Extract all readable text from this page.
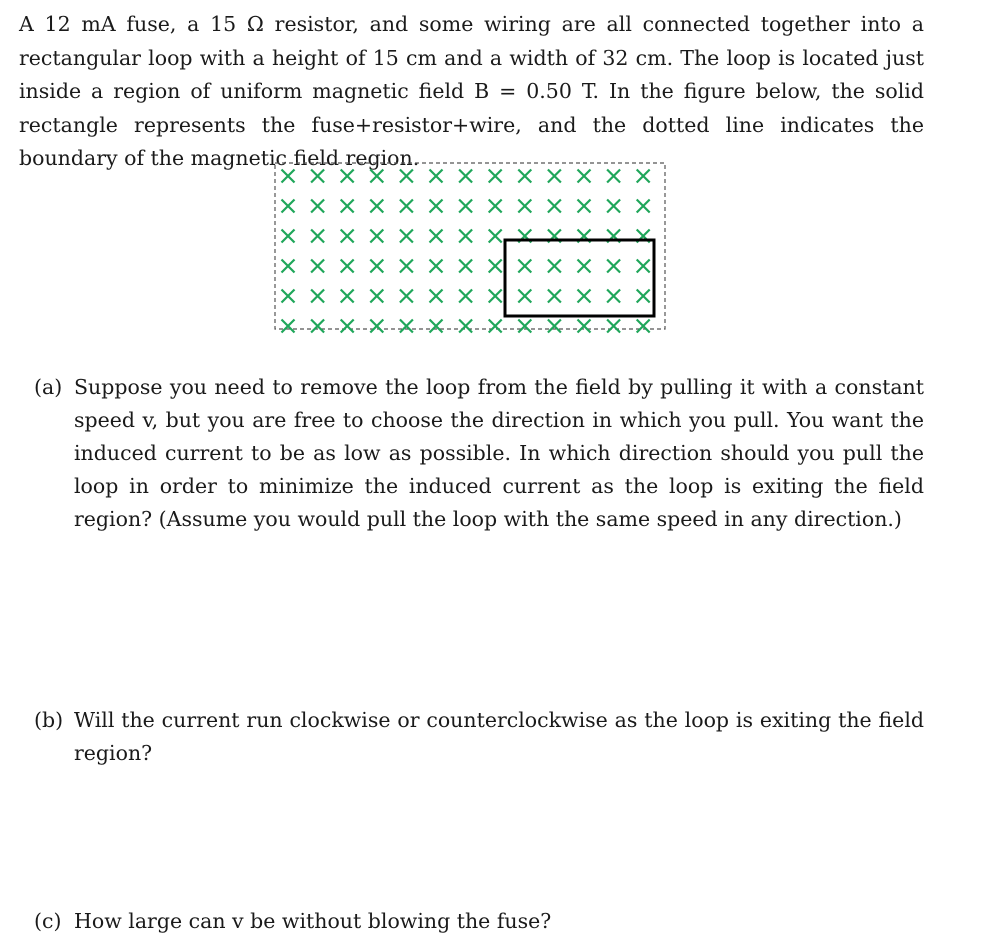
A 12 mA fuse, a 15 Ω resistor, and some wiring are all connected together into a rectangular loop with a height of 15 cm and a width of 32 cm. The loop is located just inside a region of uniform magnetic field B = 0.50 T. In the figure below, the solid rectangle represents the fuse+resistor+wire, and the dotted line indicates the boundary of the magnetic field region.

(a) Suppose you need to remove the loop from the field by pulling it with a constant speed v, but you are free to choose the direction in which you pull. You want the induced current to be as low as possible. In which direction should you pull the loop in order to minimize the induced current as the loop is exiting the field region? (Assume you would pull the loop with the same speed in any direction.)
(b) Will the current run clockwise or counterclockwise as the loop is exiting the field region?
(c) How large can v be without blowing the fuse?
